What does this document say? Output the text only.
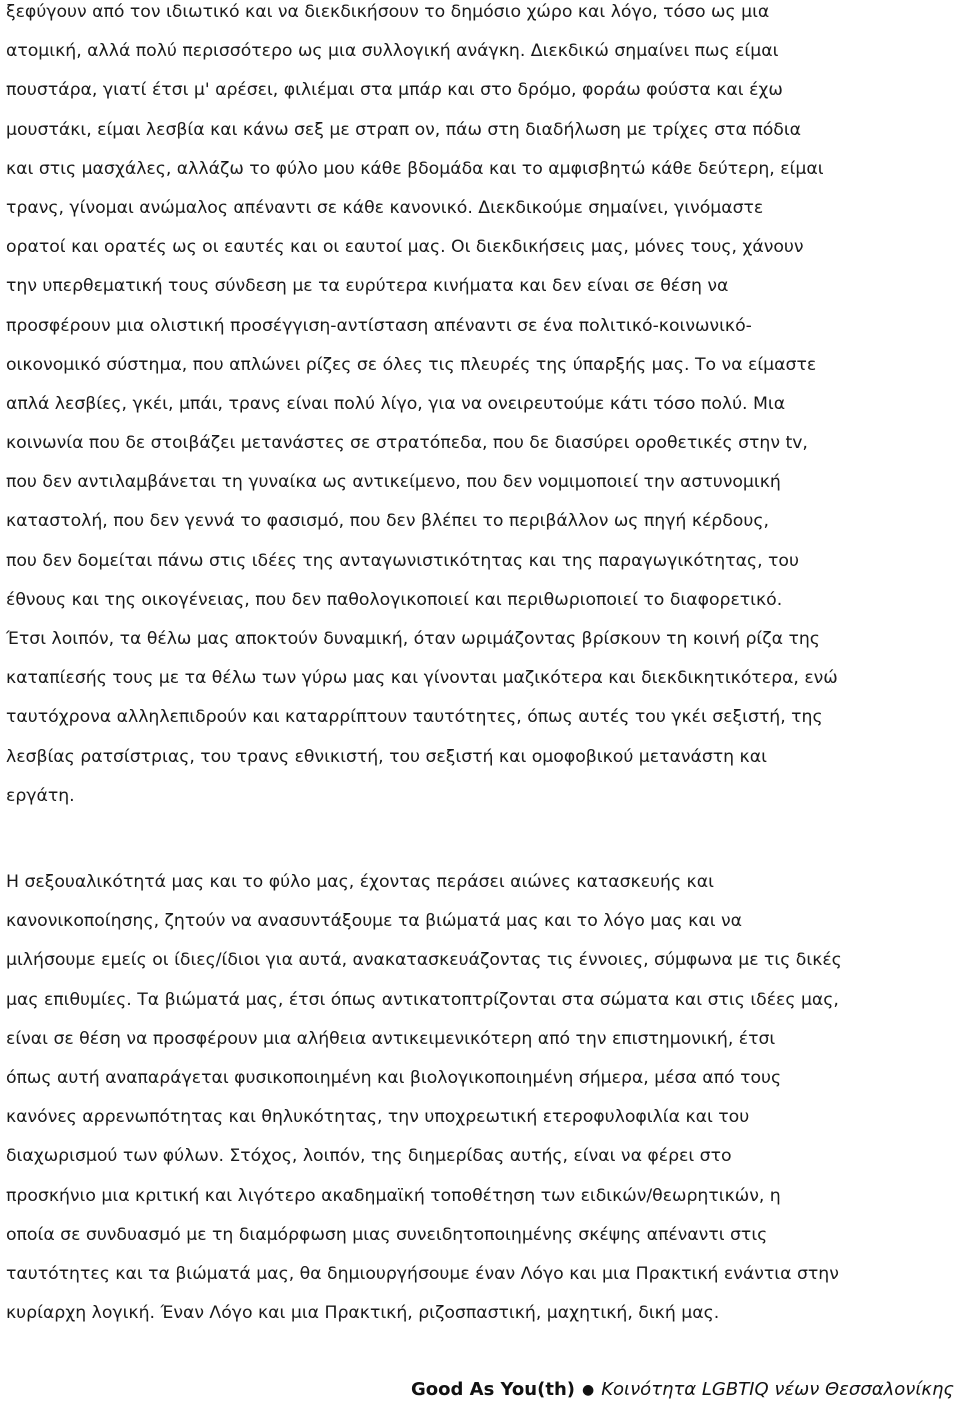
ξεφύγουν από τον ιδιωτικό και να διεκδικήσουν το δημόσιο χώρο και λόγο, τόσο ως μια
ατομική, αλλά πολύ περισσότερο ως μια συλλογική ανάγκη. Διεκδικώ σημαίνει πως είμαι
πουστάρα, γιατί έτσι μ' αρέσει, φιλιέμαι στα μπάρ και στο δρόμο, φοράω φούστα και έχω
μουστάκι, είμαι λεσβία και κάνω σεξ με στραπ ον, πάω στη διαδήλωση με τρίχες στα πόδια
και στις μασχάλες, αλλάζω το φύλο μου κάθε βδομάδα και το αμφισβητώ κάθε δεύτερη, είμαι
τρανς, γίνομαι ανώμαλος απέναντι σε κάθε κανονικό. Διεκδικούμε σημαίνει, γινόμαστε
ορατοί και ορατές ως οι εαυτές και οι εαυτοί μας. Οι διεκδικήσεις μας, μόνες τους, χάνουν
την υπερθεματική τους σύνδεση με τα ευρύτερα κινήματα και δεν είναι σε θέση να
προσφέρουν μια ολιστική προσέγγιση-αντίσταση απέναντι σε ένα πολιτικό-κοινωνικό-
οικονομικό σύστημα, που απλώνει ρίζες σε όλες τις πλευρές της ύπαρξής μας. Το να είμαστε
απλά λεσβίες, γκέι, μπάι, τρανς είναι πολύ λίγο, για να ονειρευτούμε κάτι τόσο πολύ. Μια
κοινωνία που δε στοιβάζει μετανάστες σε στρατόπεδα, που δε διασύρει οροθετικές στην tv,
που δεν αντιλαμβάνεται τη γυναίκα ως αντικείμενο, που δεν νομιμοποιεί την αστυνομική
καταστολή, που δεν γεννά το φασισμό, που δεν βλέπει το περιβάλλον ως πηγή κέρδους,
που δεν δομείται πάνω στις ιδέες της ανταγωνιστικότητας και της παραγωγικότητας, του
έθνους και της οικογένειας, που δεν παθολογικοποιεί και περιθωριοποιεί το διαφορετικό.
Έτσι λοιπόν, τα θέλω μας αποκτούν δυναμική, όταν ωριμάζοντας βρίσκουν τη κοινή ρίζα της
καταπίεσής τους με τα θέλω των γύρω μας και γίνονται μαζικότερα και διεκδικητικότερα, ενώ
ταυτόχρονα αλληλεπιδρούν και καταρρίπτουν ταυτότητες, όπως αυτές του γκέι σεξιστή, της
λεσβίας ρατσίστριας, του τρανς εθνικιστή, του σεξιστή και ομοφοβικού μετανάστη και
εργάτη.
Η σεξουαλικότητά μας και το φύλο μας, έχοντας περάσει αιώνες κατασκευής και
κανονικοποίησης, ζητούν να ανασυντάξουμε τα βιώματά μας και το λόγο μας και να
μιλήσουμε εμείς οι ίδιες/ίδιοι για αυτά, ανακατασκευάζοντας τις έννοιες, σύμφωνα με τις δικές
μας επιθυμίες. Τα βιώματά μας, έτσι όπως αντικατοπτρίζονται στα σώματα και στις ιδέες μας,
είναι σε θέση να προσφέρουν μια αλήθεια αντικειμενικότερη από την επιστημονική, έτσι
όπως αυτή αναπαράγεται φυσικοποιημένη και βιολογικοποιημένη σήμερα, μέσα από τους
κανόνες αρρενωπότητας και θηλυκότητας, την υποχρεωτική ετεροφυλοφιλία και του
διαχωρισμού των φύλων. Στόχος, λοιπόν, της διημερίδας αυτής, είναι να φέρει στο
προσκήνιο μια κριτική και λιγότερο ακαδημαϊκή τοποθέτηση των ειδικών/θεωρητικών, η
οποία σε συνδυασμό με τη διαμόρφωση μιας συνειδητοποιημένης σκέψης απέναντι στις
ταυτότητες και τα βιώματά μας, θα δημιουργήσουμε έναν Λόγο και μια Πρακτική ενάντια στην
κυρίαρχη λογική. Έναν Λόγο και μια Πρακτική, ριζοσπαστική, μαχητική, δική μας.
Good As You(th) ● Κοινότητα LGBTIQ νέων Θεσσαλονίκης
